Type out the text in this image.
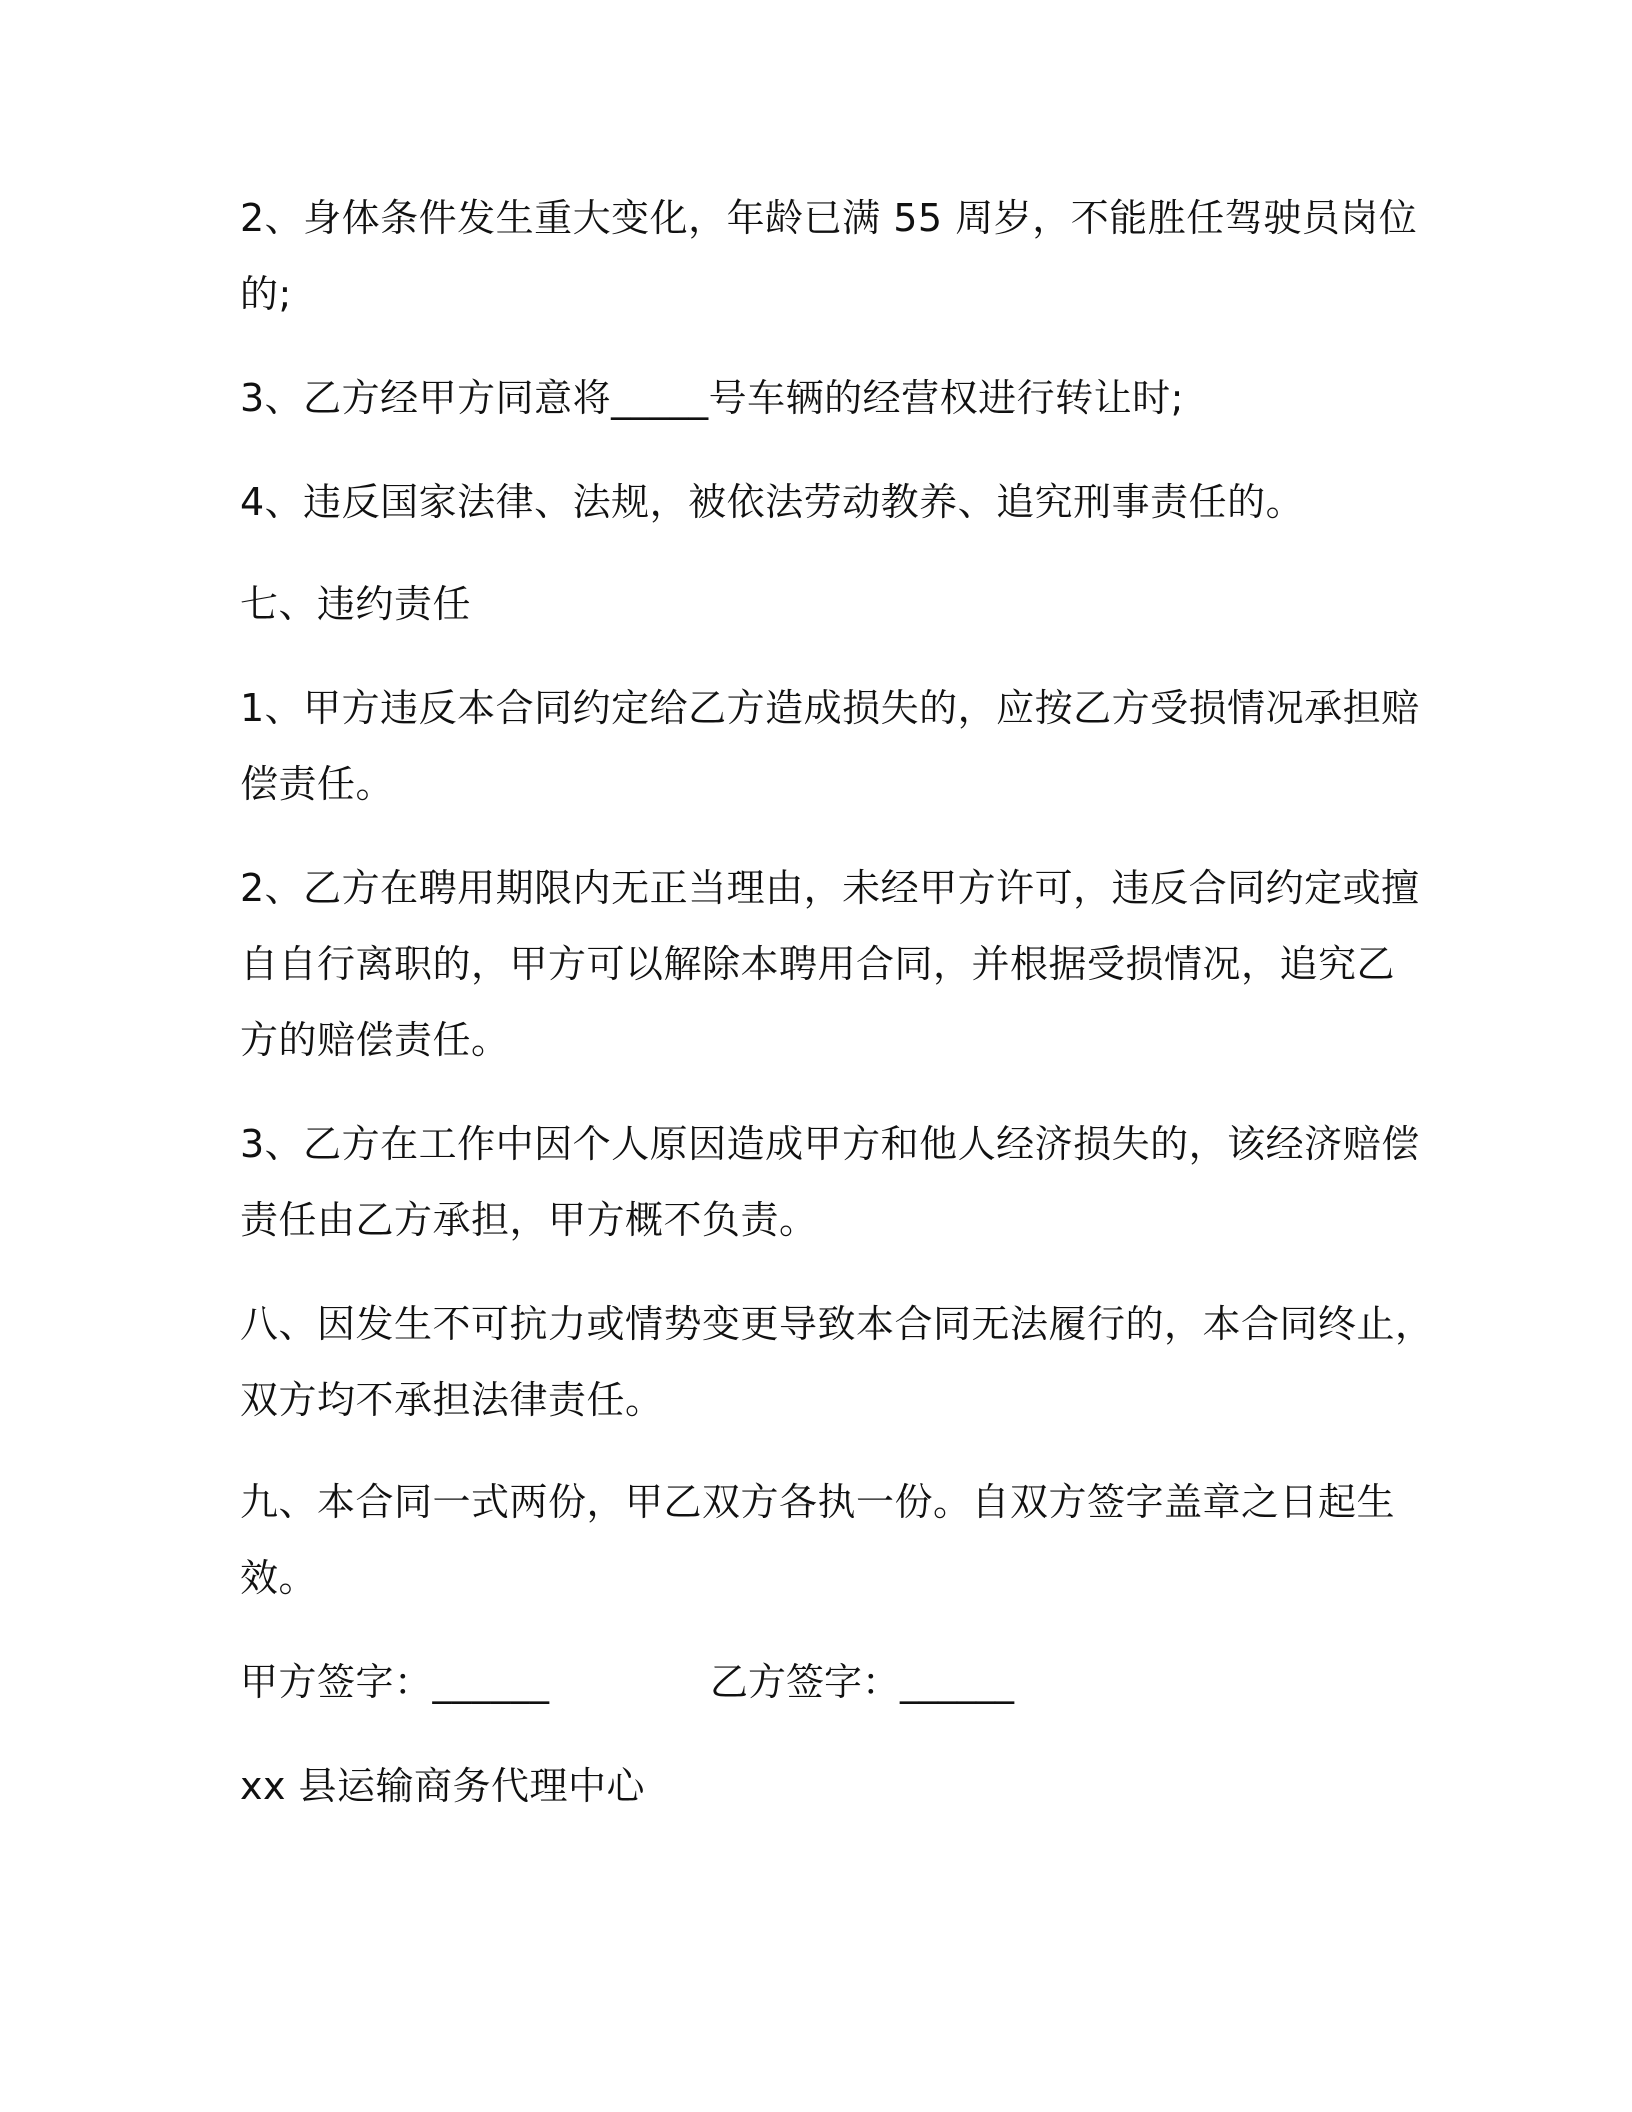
2、身体条件发生重大变化，年龄已满 55 周岁，不能胜任驾驶员岗位

的;

3、乙方经甲方同意将_____号车辆的经营权进行转让时;

4、违反国家法律、法规，被依法劳动教养、追究刑事责任的。

七、违约责任

1、甲方违反本合同约定给乙方造成损失的，应按乙方受损情况承担赔

偿责任。

2、乙方在聘用期限内无正当理由，未经甲方许可，违反合同约定或擅

自自行离职的，甲方可以解除本聘用合同，并根据受损情况，追究乙

方的赔偿责任。

3、乙方在工作中因个人原因造成甲方和他人经济损失的，该经济赔偿

责任由乙方承担，甲方概不负责。

八、因发生不可抗力或情势变更导致本合同无法履行的，本合同终止，

双方均不承担法律责任。

九、本合同一式两份，甲乙双方各执一份。自双方签字盖章之日起生

效。

甲方签字：______	乙方签字：______

xx 县运输商务代理中心
